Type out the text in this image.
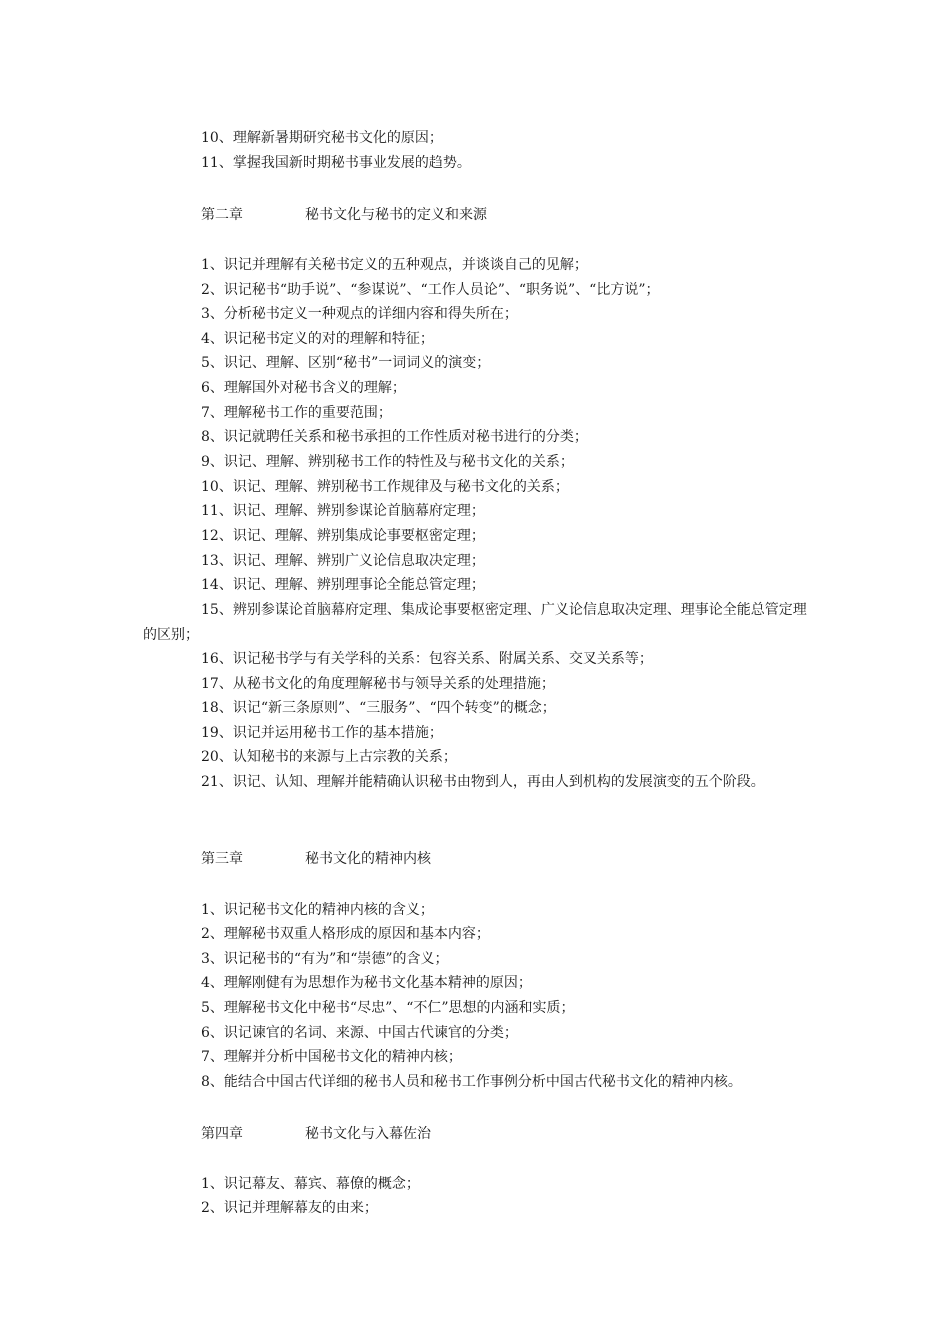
10、理解新暑期研究秘书文化的原因；
11、掌握我国新时期秘书事业发展的趋势。
第二章	秘书文化与秘书的定义和来源
1、识记并理解有关秘书定义的五种观点，并谈谈自己的见解；
2、识记秘书“助手说”、“参谋说”、“工作人员论”、“职务说”、“比方说”；
3、分析秘书定义一种观点的详细内容和得失所在；
4、识记秘书定义的对的理解和特征；
5、识记、理解、区别“秘书”一词词义的演变；
6、理解国外对秘书含义的理解；
7、理解秘书工作的重要范围；
8、识记就聘任关系和秘书承担的工作性质对秘书进行的分类；
9、识记、理解、辨别秘书工作的特性及与秘书文化的关系；
10、识记、理解、辨别秘书工作规律及与秘书文化的关系；
11、识记、理解、辨别参谋论首脑幕府定理；
12、识记、理解、辨别集成论事要枢密定理；
13、识记、理解、辨别广义论信息取决定理；
14、识记、理解、辨别理事论全能总管定理；
15、辨别参谋论首脑幕府定理、集成论事要枢密定理、广义论信息取决定理、理事论全能总管定理的区别；
16、识记秘书学与有关学科的关系：包容关系、附属关系、交叉关系等；
17、从秘书文化的角度理解秘书与领导关系的处理措施；
18、识记“新三条原则”、“三服务”、“四个转变”的概念；
19、识记并运用秘书工作的基本措施；
20、认知秘书的来源与上古宗教的关系；
21、识记、认知、理解并能精确认识秘书由物到人，再由人到机构的发展演变的五个阶段。
第三章	秘书文化的精神内核
1、识记秘书文化的精神内核的含义；
2、理解秘书双重人格形成的原因和基本内容；
3、识记秘书的“有为”和“崇德”的含义；
4、理解刚健有为思想作为秘书文化基本精神的原因；
5、理解秘书文化中秘书“尽忠”、“不仁”思想的内涵和实质；
6、识记谏官的名词、来源、中国古代谏官的分类；
7、理解并分析中国秘书文化的精神内核；
8、能结合中国古代详细的秘书人员和秘书工作事例分析中国古代秘书文化的精神内核。
第四章	秘书文化与入幕佐治
1、识记幕友、幕宾、幕僚的概念；
2、识记并理解幕友的由来；
